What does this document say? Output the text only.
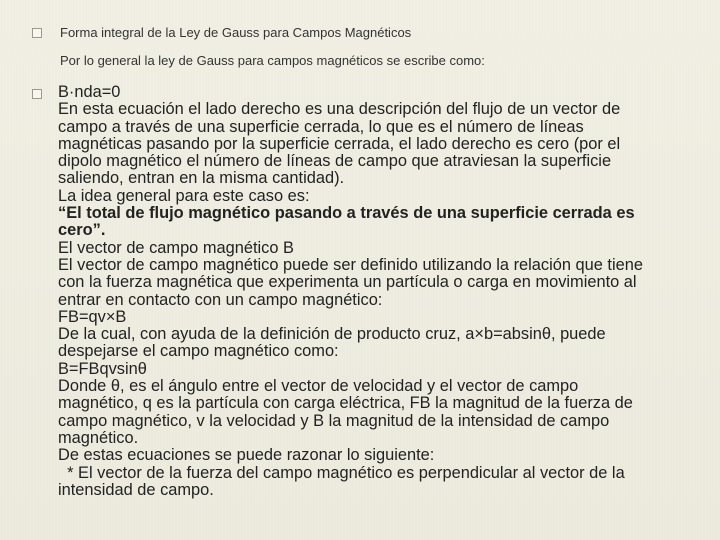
Forma integral de la Ley de Gauss para Campos Magnéticos
Por lo general la ley de Gauss para campos magnéticos se escribe como:

B·nda=0

En esta ecuación el lado derecho es una descripción del flujo de un vector de

campo a través de una superficie cerrada, lo que es el número de líneas

magnéticas pasando por la superficie cerrada, el lado derecho es cero (por el

dipolo magnético el número de líneas de campo que atraviesan la superficie

saliendo, entran en la misma cantidad).

La idea general para este caso es:

“El total de flujo magnético pasando a través de una superficie cerrada es

cero”.

El vector de campo magnético B

El vector de campo magnético puede ser definido utilizando la relación que tiene

con la fuerza magnética que experimenta un partícula o carga en movimiento al

entrar en contacto con un campo magnético:

FB=qv×B

De la cual, con ayuda de la definición de producto cruz, a×b=absinθ, puede

despejarse el campo magnético como:

B=FBqvsinθ

Donde θ, es el ángulo entre el vector de velocidad y el vector de campo

magnético, q es la partícula con carga eléctrica, FB la magnitud de la fuerza de

campo magnético, v la velocidad y B la magnitud de la intensidad de campo

magnético.

De estas ecuaciones se puede razonar lo siguiente:

* El vector de la fuerza del campo magnético es perpendicular al vector de la

intensidad de campo.
